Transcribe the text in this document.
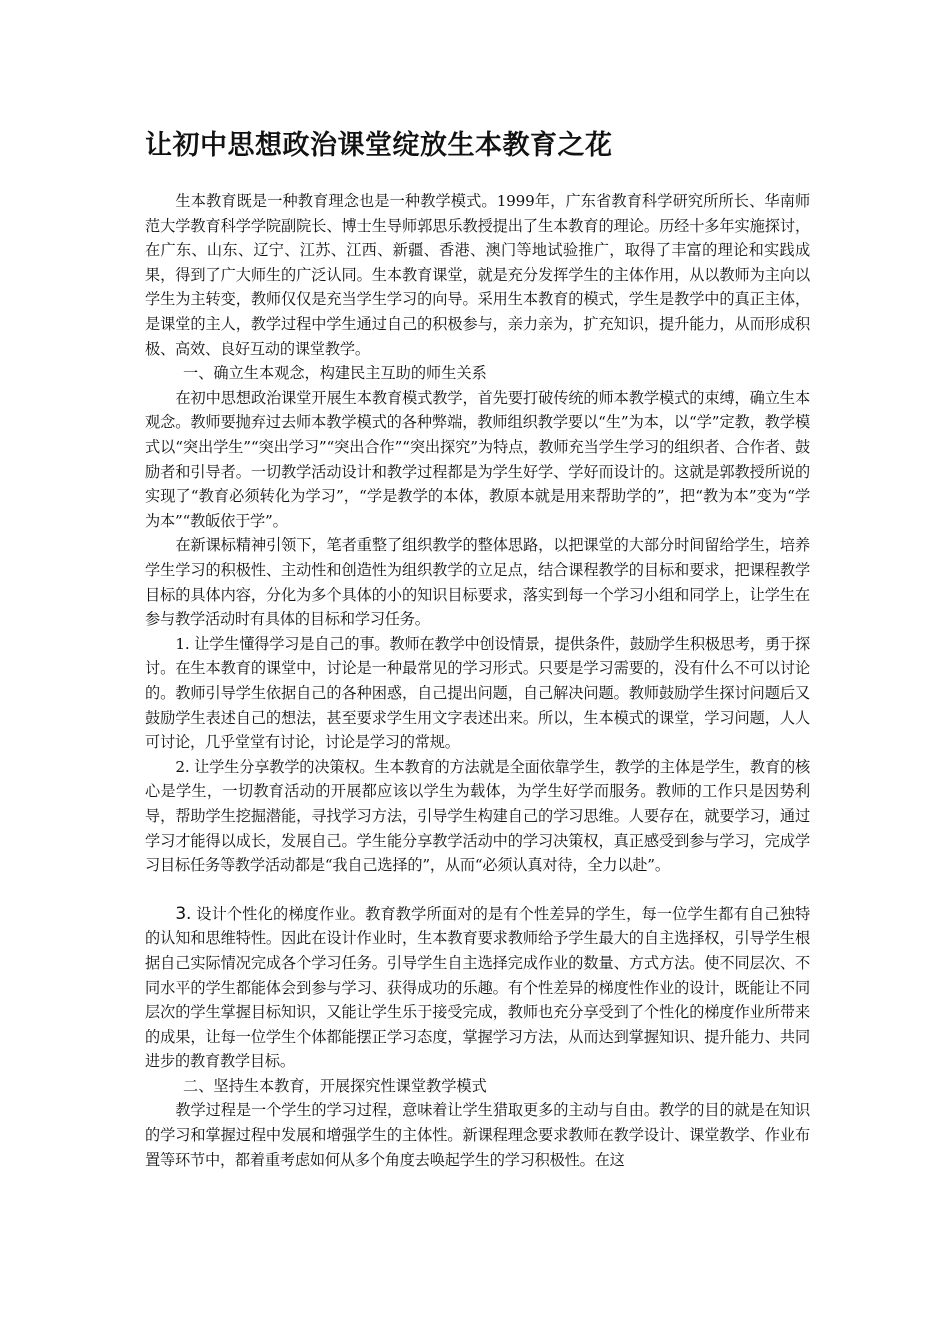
让初中思想政治课堂绽放生本教育之花

生本教育既是一种教育理念也是一种教学模式。1999年，广东省教育科学研究所所长、华南师范大学教育科学学院副院长、博士生导师郭思乐教授提出了生本教育的理论。历经十多年实施探讨，在广东、山东、辽宁、江苏、江西、新疆、香港、澳门等地试验推广，取得了丰富的理论和实践成果，得到了广大师生的广泛认同。生本教育课堂，就是充分发挥学生的主体作用，从以教师为主向以学生为主转变，教师仅仅是充当学生学习的向导。采用生本教育的模式，学生是教学中的真正主体，是课堂的主人，教学过程中学生通过自己的积极参与，亲力亲为，扩充知识，提升能力，从而形成积极、高效、良好互动的课堂教学。

一、确立生本观念，构建民主互助的师生关系

在初中思想政治课堂开展生本教育模式教学，首先要打破传统的师本教学模式的束缚，确立生本观念。教师要抛弃过去师本教学模式的各种弊端，教师组织教学要以“生”为本，以“学”定教，教学模式以“突出学生”“突出学习”“突出合作”“突出探究”为特点，教师充当学生学习的组织者、合作者、鼓励者和引导者。一切教学活动设计和教学过程都是为学生好学、学好而设计的。这就是郭教授所说的实现了“教育必须转化为学习”，“学是教学的本体，教原本就是用来帮助学的”，把“教为本”变为“学为本”“教皈依于学”。

在新课标精神引领下，笔者重整了组织教学的整体思路，以把课堂的大部分时间留给学生，培养学生学习的积极性、主动性和创造性为组织教学的立足点，结合课程教学的目标和要求，把课程教学目标的具体内容，分化为多个具体的小的知识目标要求，落实到每一个学习小组和同学上，让学生在参与教学活动时有具体的目标和学习任务。

1. 让学生懂得学习是自己的事。教师在教学中创设情景，提供条件，鼓励学生积极思考，勇于探讨。在生本教育的课堂中，讨论是一种最常见的学习形式。只要是学习需要的，没有什么不可以讨论的。教师引导学生依据自己的各种困惑，自己提出问题，自己解决问题。教师鼓励学生探讨问题后又鼓励学生表述自己的想法，甚至要求学生用文字表述出来。所以，生本模式的课堂，学习问题，人人可讨论，几乎堂堂有讨论，讨论是学习的常规。

2. 让学生分享教学的决策权。生本教育的方法就是全面依靠学生，教学的主体是学生，教育的核心是学生，一切教育活动的开展都应该以学生为载体，为学生好学而服务。教师的工作只是因势利导，帮助学生挖掘潜能，寻找学习方法，引导学生构建自己的学习思维。人要存在，就要学习，通过学习才能得以成长，发展自己。学生能分享教学活动中的学习决策权，真正感受到参与学习，完成学习目标任务等教学活动都是“我自己选择的”，从而“必须认真对待，全力以赴”。

3. 设计个性化的梯度作业。教育教学所面对的是有个性差异的学生，每一位学生都有自己独特的认知和思维特性。因此在设计作业时，生本教育要求教师给予学生最大的自主选择权，引导学生根据自己实际情况完成各个学习任务。引导学生自主选择完成作业的数量、方式方法。使不同层次、不同水平的学生都能体会到参与学习、获得成功的乐趣。有个性差异的梯度性作业的设计，既能让不同层次的学生掌握目标知识，又能让学生乐于接受完成，教师也充分享受到了个性化的梯度作业所带来的成果，让每一位学生个体都能摆正学习态度，掌握学习方法，从而达到掌握知识、提升能力、共同进步的教育教学目标。

二、坚持生本教育，开展探究性课堂教学模式

教学过程是一个学生的学习过程，意味着让学生猎取更多的主动与自由。教学的目的就是在知识的学习和掌握过程中发展和增强学生的主体性。新课程理念要求教师在教学设计、课堂教学、作业布置等环节中，都着重考虑如何从多个角度去唤起学生的学习积极性。在这
